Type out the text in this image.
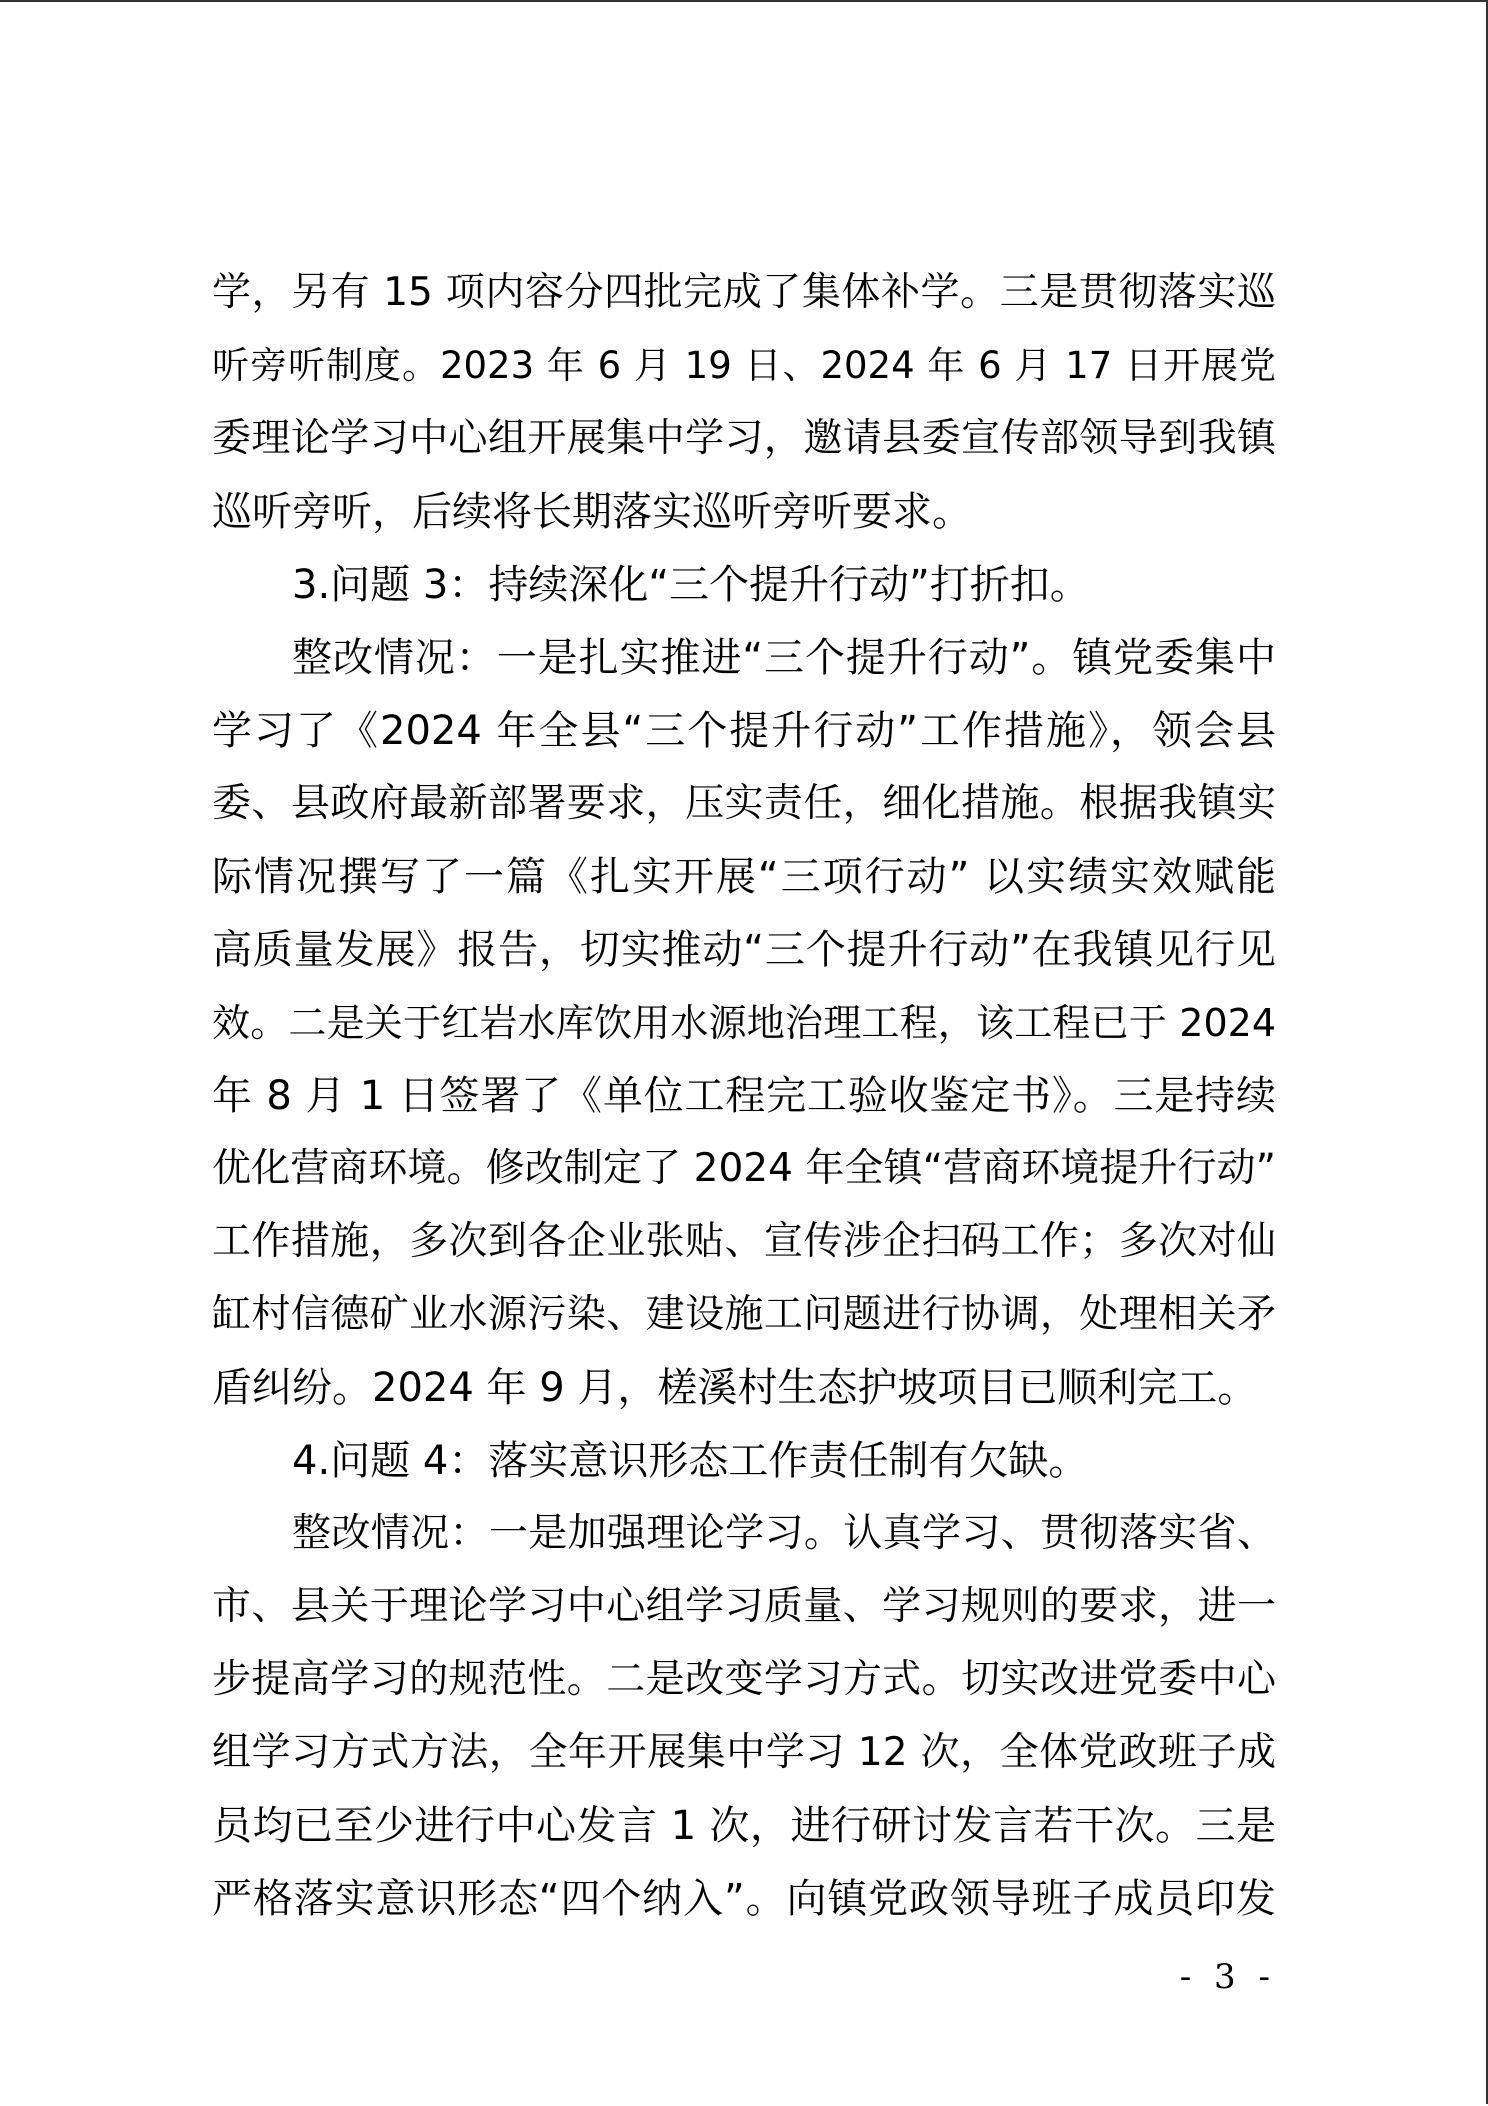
学，另有 15 项内容分四批完成了集体补学。三是贯彻落实巡
听旁听制度。2023 年 6 月 19 日、2024 年 6 月 17 日开展党
委理论学习中心组开展集中学习，邀请县委宣传部领导到我镇
巡听旁听，后续将长期落实巡听旁听要求。
3.问题 3：持续深化“三个提升行动”打折扣。
整改情况：一是扎实推进“三个提升行动”。镇党委集中
学习了《2024 年全县“三个提升行动”工作措施》，领会县
委、县政府最新部署要求，压实责任，细化措施。根据我镇实
际情况撰写了一篇《扎实开展“三项行动” 以实绩实效赋能
高质量发展》报告，切实推动“三个提升行动”在我镇见行见
效。二是关于红岩水库饮用水源地治理工程，该工程已于 2024
年 8 月 1 日签署了《单位工程完工验收鉴定书》。三是持续
优化营商环境。修改制定了 2024 年全镇“营商环境提升行动”
工作措施，多次到各企业张贴、宣传涉企扫码工作；多次对仙
缸村信德矿业水源污染、建设施工问题进行协调，处理相关矛
盾纠纷。2024 年 9 月，槎溪村生态护坡项目已顺利完工。
4.问题 4：落实意识形态工作责任制有欠缺。
整改情况：一是加强理论学习。认真学习、贯彻落实省、
市、县关于理论学习中心组学习质量、学习规则的要求，进一
步提高学习的规范性。二是改变学习方式。切实改进党委中心
组学习方式方法，全年开展集中学习 12 次，全体党政班子成
员均已至少进行中心发言 1 次，进行研讨发言若干次。三是
严格落实意识形态“四个纳入”。向镇党政领导班子成员印发
- 3 -
